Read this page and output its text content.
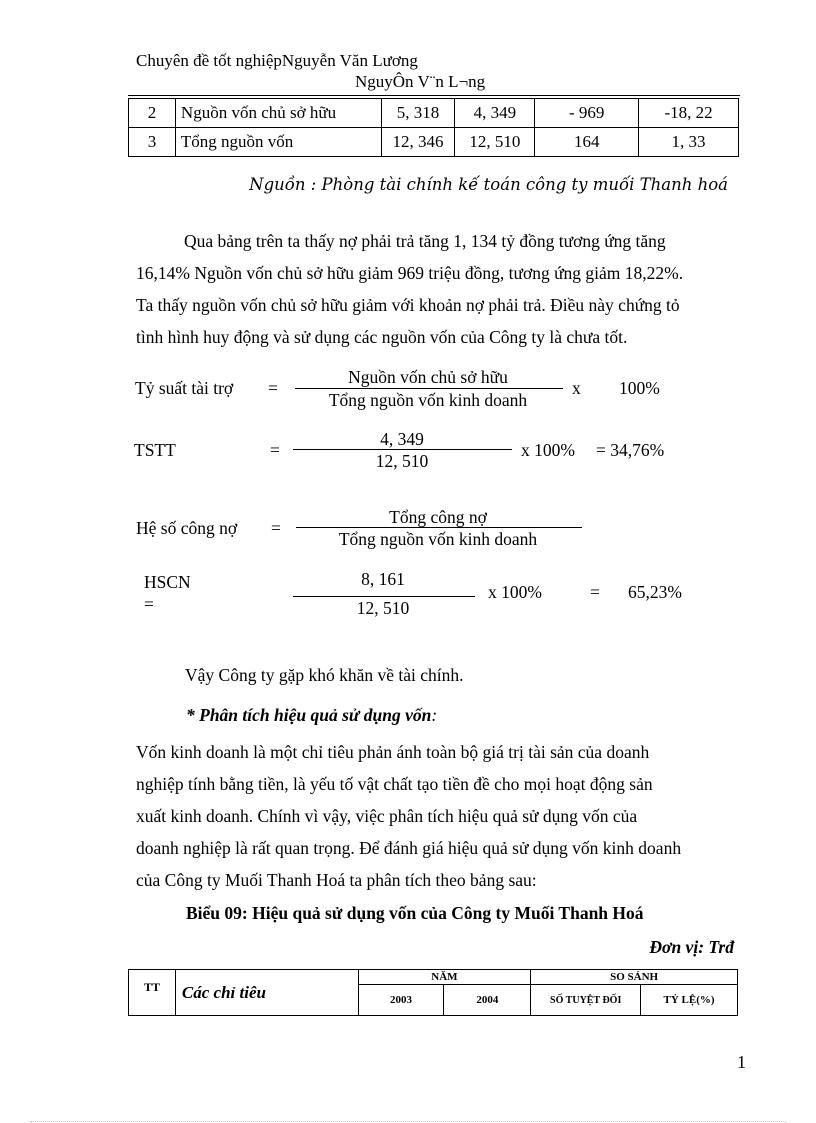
Chuyên đề tốt nghiệpNguyễn Văn Lương
NguyÔn V¨n L¬ng
2	Nguồn vốn chủ sở hữu	5, 318	4, 349	- 969	-18, 22
3	Tổng nguồn vốn	12, 346	12, 510	164	1, 33
Nguồn : Phòng tài chính kế toán công ty muối Thanh hoá

Qua bảng trên ta thấy nợ phải trả tăng 1, 134 tỷ đồng tương ứng tăng

16,14% Nguồn vốn chủ sở hữu giảm 969 triệu đồng, tương ứng giảm 18,22%.

Ta thấy nguồn vốn chủ sở hữu giảm với khoản nợ phải trả. Điều này chứng tỏ

tình hình huy động và sử dụng các nguồn vốn của Công ty là chưa tốt.

Tỷ suất tài trợ =
Nguồn vốn chủ sở hữu
Tổng nguồn vốn kinh doanh
x 100%
TSTT	=
4, 349
12, 510
x 100% = 34,76%
Hệ số công nợ =
Tổng công nợ
Tổng nguồn vốn kinh doanh
HSCN
=
8, 161
12, 510
x 100%	= 65,23%
Vậy Công ty gặp khó khăn về tài chính.
* Phân tích hiệu quả sử dụng vốn:

Vốn kinh doanh là một chỉ tiêu phản ánh toàn bộ giá trị tài sản của doanh

nghiệp tính bằng tiền, là yếu tố vật chất tạo tiền đề cho mọi hoạt động sản

xuất kinh doanh. Chính vì vậy, việc phân tích hiệu quả sử dụng vốn của

doanh nghiệp là rất quan trọng. Để đánh giá hiệu quả sử dụng vốn kinh doanh

của Công ty Muối Thanh Hoá ta phân tích theo bảng sau:

Biểu 09: Hiệu quả sử dụng vốn của Công ty Muối Thanh Hoá
Đơn vị: Trđ
TT	Các chỉ tiêu	NĂM		SO SÁNH	
		2003	2004	SỐ TUYỆT ĐỐI	TỶ LỆ(%)
1
